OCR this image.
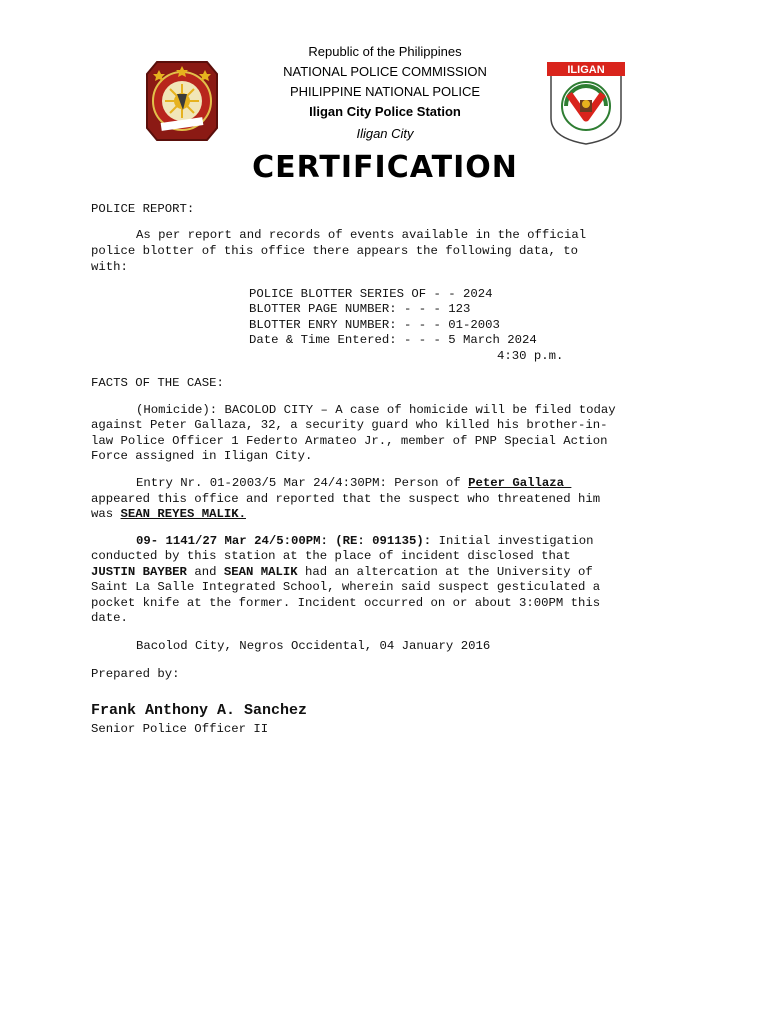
ILIGAN
Republic of the Philippines
NATIONAL POLICE COMMISSION
PHILIPPINE NATIONAL POLICE
Iligan City Police Station
Iligan City
CERTIFICATION
POLICE REPORT:
As per report and records of events available in the official
police blotter of this office there appears the following data, to
with:
POLICE BLOTTER SERIES OF - - 2024
BLOTTER PAGE NUMBER: - - - 123
BLOTTER ENRY NUMBER: - - - 01-2003
Date & Time Entered: - - - 5 March 2024
4:30 p.m.
FACTS OF THE CASE:
(Homicide): BACOLOD CITY – A case of homicide will be filed today
against Peter Gallaza, 32, a security guard who killed his brother-in-
law Police Officer 1 Federto Armateo Jr., member of PNP Special Action
Force assigned in Iligan City.
Entry Nr. 01-2003/5 Mar 24/4:30PM: Person of Peter Gallaza
appeared this office and reported that the suspect who threatened him
was SEAN REYES MALIK.
09- 1141/27 Mar 24/5:00PM: (RE: 091135): Initial investigation
conducted by this station at the place of incident disclosed that
JUSTIN BAYBER and SEAN MALIK had an altercation at the University of
Saint La Salle Integrated School, wherein said suspect gesticulated a
pocket knife at the former. Incident occurred on or about 3:00PM this
date.
Bacolod City, Negros Occidental, 04 January 2016
Prepared by:
Frank Anthony A. Sanchez
Senior Police Officer II
